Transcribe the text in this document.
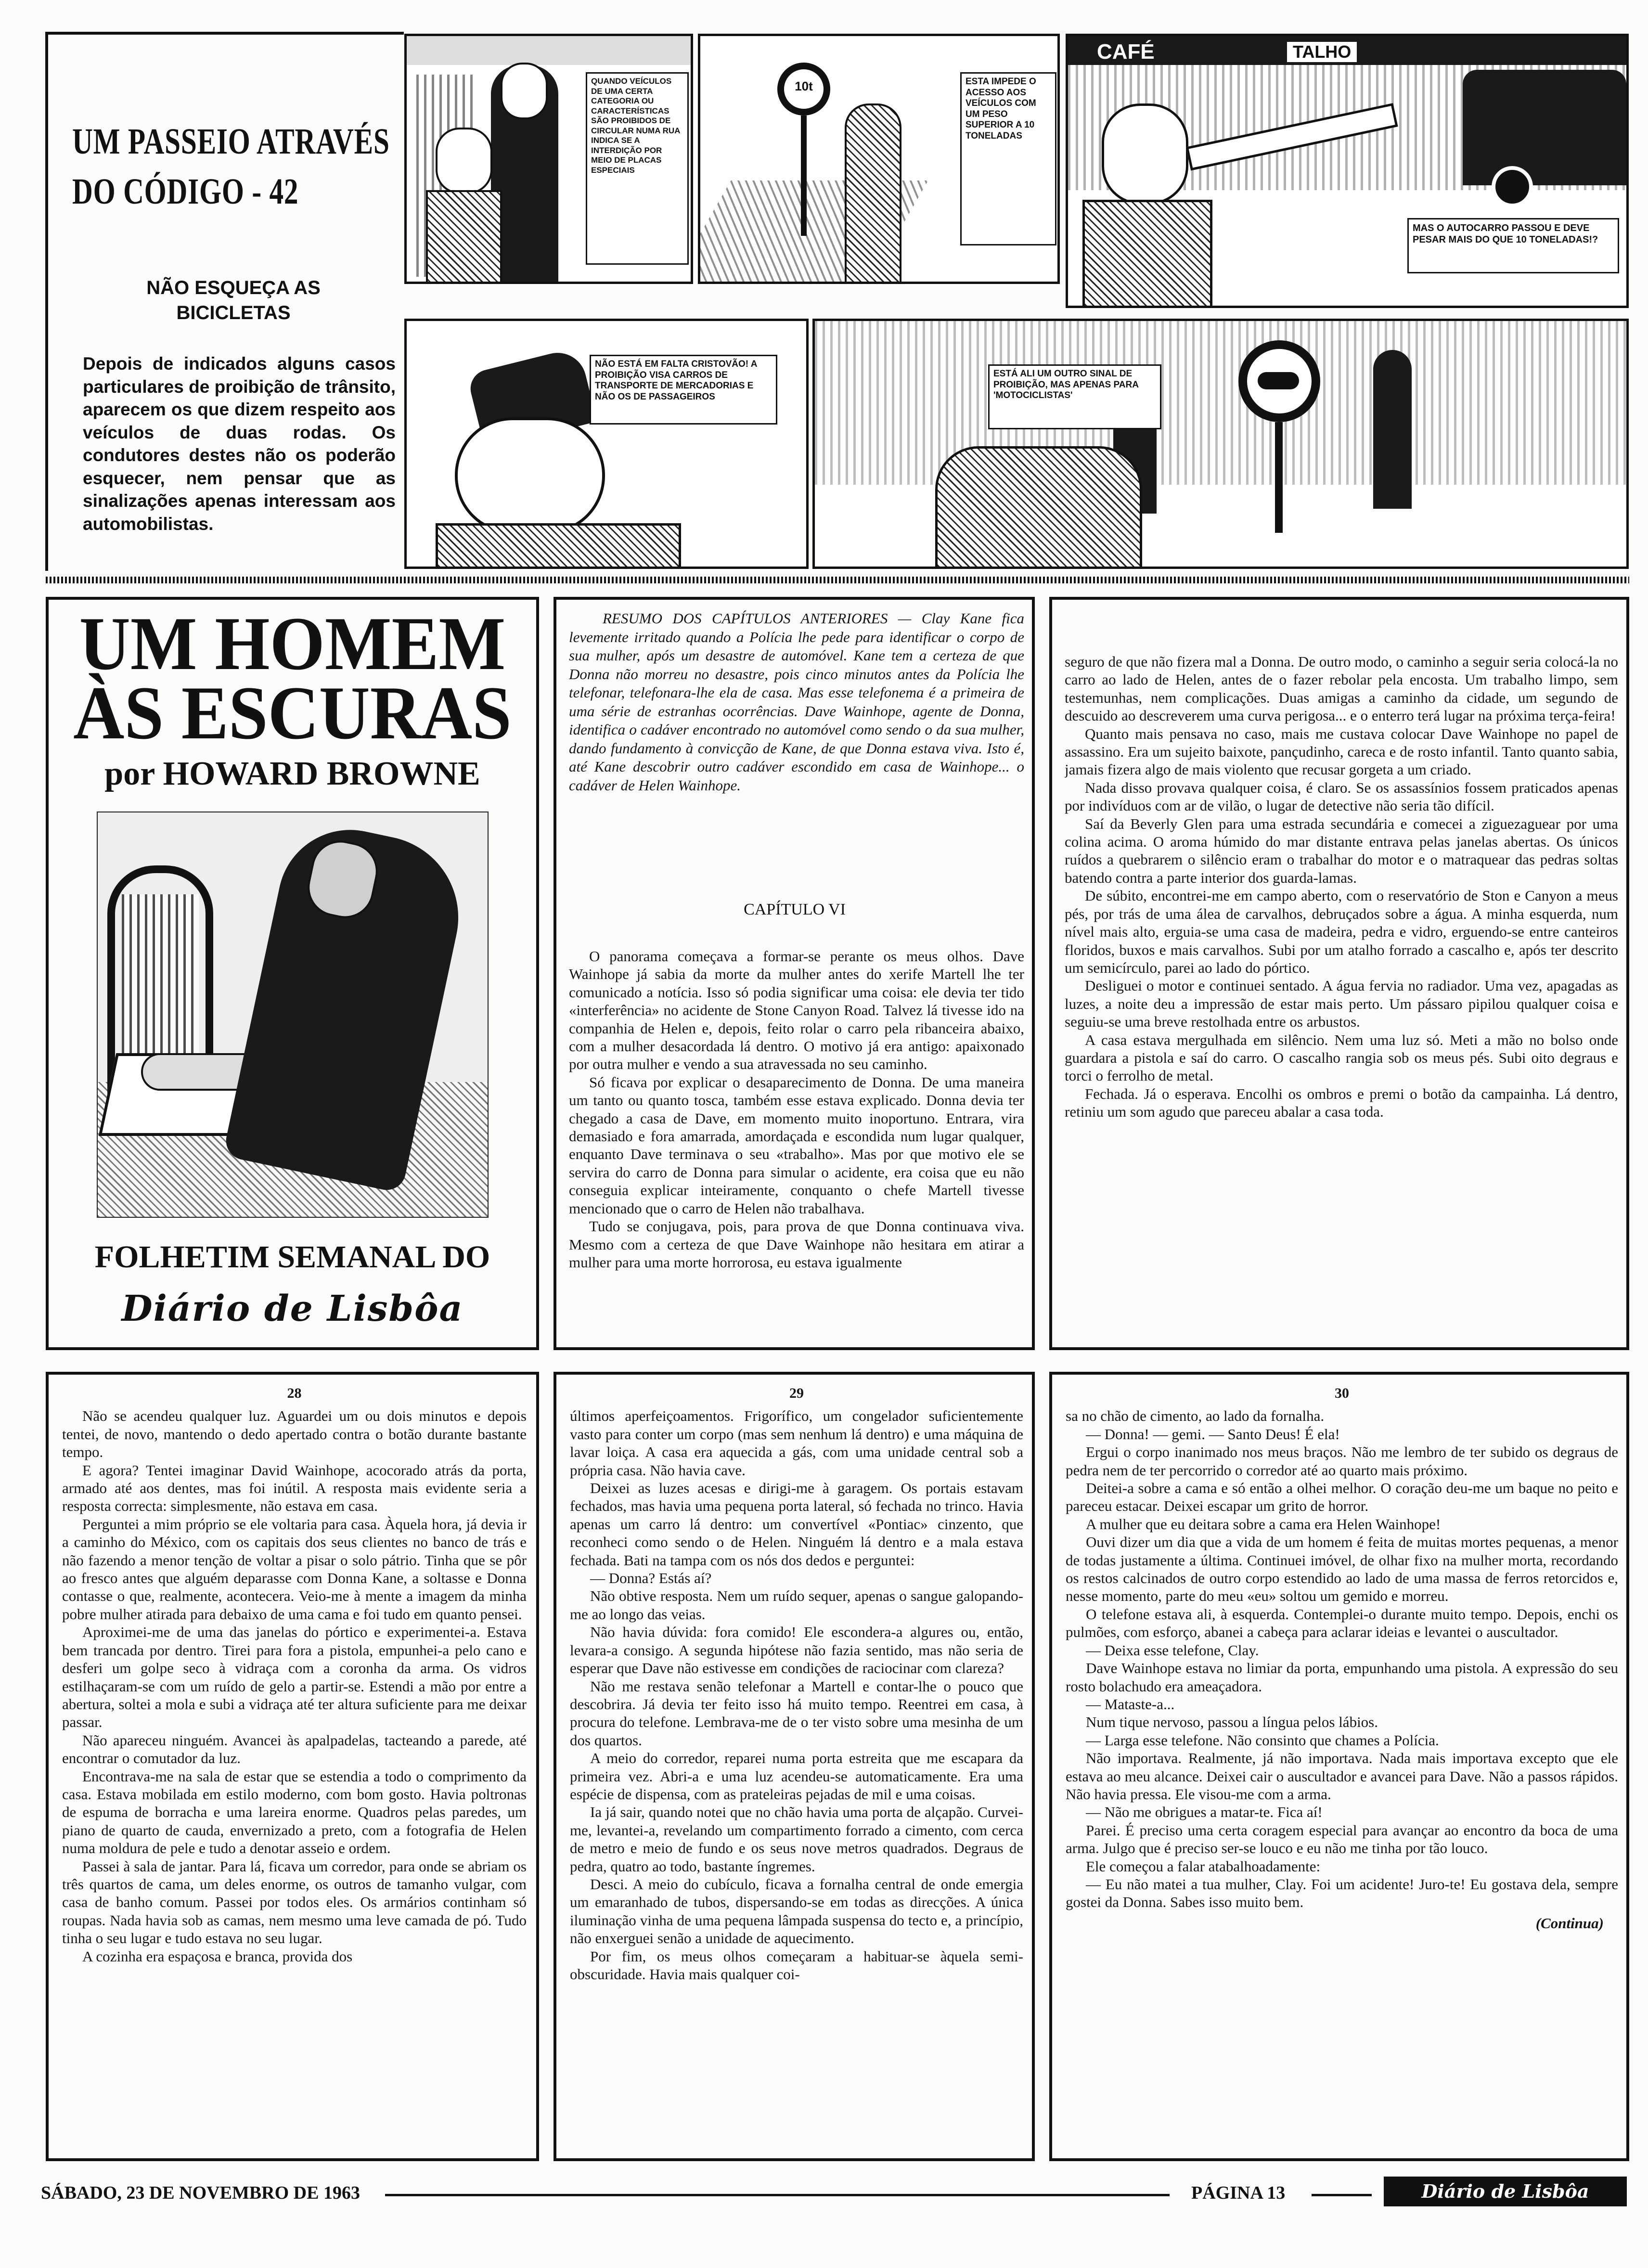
UM PASSEIO ATRAVÉS DO CÓDIGO - 42
NÃO ESQUEÇA AS BICICLETAS
Depois de indicados alguns casos particulares de proibição de trânsito, aparecem os que dizem respeito aos veículos de duas rodas. Os condutores destes não os poderão esquecer, nem pensar que as sinalizações apenas interessam aos automobilistas.
QUANDO VEÍCULOS DE UMA CERTA CATEGORIA OU CARACTERÍSTICAS SÃO PROIBIDOS DE CIRCULAR NUMA RUA INDICA SE A INTERDIÇÃO POR MEIO DE PLACAS ESPECIAIS
10t	ESTA IMPEDE O ACESSO AOS VEÍCULOS COM UM PESO SUPERIOR A 10 TONELADAS
CAFÉ	TALHO
MAS O AUTOCARRO PASSOU E DEVE PESAR MAIS DO QUE 10 TONELADAS!?
NÃO ESTÁ EM FALTA CRISTOVÃO! A PROIBIÇÃO VISA CARROS DE TRANSPORTE DE MERCADORIAS E NÃO OS DE PASSAGEIROS
ESTÁ ALI UM OUTRO SINAL DE PROIBIÇÃO, MAS APENAS PARA 'MOTOCICLISTAS'
UM HOMEM
ÀS ESCURAS
por HOWARD BROWNE
FOLHETIM SEMANAL DO
Diário de Lisbôa
RESUMO DOS CAPÍTULOS ANTERIORES — Clay Kane fica levemente irritado quando a Polícia lhe pede para identificar o corpo de sua mulher, após um desastre de automóvel. Kane tem a certeza de que Donna não morreu no desastre, pois cinco minutos antes da Polícia lhe telefonar, telefonara-lhe ela de casa. Mas esse telefonema é a primeira de uma série de estranhas ocorrências. Dave Wainhope, agente de Donna, identifica o cadáver encontrado no automóvel como sendo o da sua mulher, dando fundamento à convicção de Kane, de que Donna estava viva. Isto é, até Kane descobrir outro cadáver escondido em casa de Wainhope... o cadáver de Helen Wainhope.
CAPÍTULO VI

O panorama começava a formar-se perante os meus olhos. Dave Wainhope já sabia da morte da mulher antes do xerife Martell lhe ter comunicado a notícia. Isso só podia significar uma coisa: ele devia ter tido «interferência» no acidente de Stone Canyon Road. Talvez lá tivesse ido na companhia de Helen e, depois, feito rolar o carro pela ribanceira abaixo, com a mulher desacordada lá dentro. O motivo já era antigo: apaixonado por outra mulher e vendo a sua atravessada no seu caminho.

Só ficava por explicar o desaparecimento de Donna. De uma maneira um tanto ou quanto tosca, também esse estava explicado. Donna devia ter chegado a casa de Dave, em momento muito inoportuno. Entrara, vira demasiado e fora amarrada, amordaçada e escondida num lugar qualquer, enquanto Dave terminava o seu «trabalho». Mas por que motivo ele se servira do carro de Donna para simular o acidente, era coisa que eu não conseguia explicar inteiramente, conquanto o chefe Martell tivesse mencionado que o carro de Helen não trabalhava.

Tudo se conjugava, pois, para prova de que Donna continuava viva. Mesmo com a certeza de que Dave Wainhope não hesitara em atirar a mulher para uma morte horrorosa, eu estava igualmente

seguro de que não fizera mal a Donna. De outro modo, o caminho a seguir seria colocá-la no carro ao lado de Helen, antes de o fazer rebolar pela encosta. Um trabalho limpo, sem testemunhas, nem complicações. Duas amigas a caminho da cidade, um segundo de descuido ao descreverem uma curva perigosa... e o enterro terá lugar na próxima terça-feira!

Quanto mais pensava no caso, mais me custava colocar Dave Wainhope no papel de assassino. Era um sujeito baixote, pançudinho, careca e de rosto infantil. Tanto quanto sabia, jamais fizera algo de mais violento que recusar gorgeta a um criado.

Nada disso provava qualquer coisa, é claro. Se os assassínios fossem praticados apenas por indivíduos com ar de vilão, o lugar de detective não seria tão difícil.

Saí da Beverly Glen para uma estrada secundária e comecei a ziguezaguear por uma colina acima. O aroma húmido do mar distante entrava pelas janelas abertas. Os únicos ruídos a quebrarem o silêncio eram o trabalhar do motor e o matraquear das pedras soltas batendo contra a parte interior dos guarda-lamas.

De súbito, encontrei-me em campo aberto, com o reservatório de Ston e Canyon a meus pés, por trás de uma álea de carvalhos, debruçados sobre a água. A minha esquerda, num nível mais alto, erguia-se uma casa de madeira, pedra e vidro, erguendo-se entre canteiros floridos, buxos e mais carvalhos. Subi por um atalho forrado a cascalho e, após ter descrito um semicírculo, parei ao lado do pórtico.

Desliguei o motor e continuei sentado. A água fervia no radiador. Uma vez, apagadas as luzes, a noite deu a impressão de estar mais perto. Um pássaro pipilou qualquer coisa e seguiu-se uma breve restolhada entre os arbustos.

A casa estava mergulhada em silêncio. Nem uma luz só. Meti a mão no bolso onde guardara a pistola e saí do carro. O cascalho rangia sob os meus pés. Subi oito degraus e torci o ferrolho de metal.

Fechada. Já o esperava. Encolhi os ombros e premi o botão da campainha. Lá dentro, retiniu um som agudo que pareceu abalar a casa toda.

28

Não se acendeu qualquer luz. Aguardei um ou dois minutos e depois tentei, de novo, mantendo o dedo apertado contra o botão durante bastante tempo.

E agora? Tentei imaginar David Wainhope, acocorado atrás da porta, armado até aos dentes, mas foi inútil. A resposta mais evidente seria a resposta correcta: simplesmente, não estava em casa.

Perguntei a mim próprio se ele voltaria para casa. Àquela hora, já devia ir a caminho do México, com os capitais dos seus clientes no banco de trás e não fazendo a menor tenção de voltar a pisar o solo pátrio. Tinha que se pôr ao fresco antes que alguém deparasse com Donna Kane, a soltasse e Donna contasse o que, realmente, acontecera. Veio-me à mente a imagem da minha pobre mulher atirada para debaixo de uma cama e foi tudo em quanto pensei.

Aproximei-me de uma das janelas do pórtico e experimentei-a. Estava bem trancada por dentro. Tirei para fora a pistola, empunhei-a pelo cano e desferi um golpe seco à vidraça com a coronha da arma. Os vidros estilhaçaram-se com um ruído de gelo a partir-se. Estendi a mão por entre a abertura, soltei a mola e subi a vidraça até ter altura suficiente para me deixar passar.

Não apareceu ninguém. Avancei às apalpadelas, tacteando a parede, até encontrar o comutador da luz.

Encontrava-me na sala de estar que se estendia a todo o comprimento da casa. Estava mobilada em estilo moderno, com bom gosto. Havia poltronas de espuma de borracha e uma lareira enorme. Quadros pelas paredes, um piano de quarto de cauda, envernizado a preto, com a fotografia de Helen numa moldura de pele e tudo a denotar asseio e ordem.

Passei à sala de jantar. Para lá, ficava um corredor, para onde se abriam os três quartos de cama, um deles enorme, os outros de tamanho vulgar, com casa de banho comum. Passei por todos eles. Os armários continham só roupas. Nada havia sob as camas, nem mesmo uma leve camada de pó. Tudo tinha o seu lugar e tudo estava no seu lugar.

A cozinha era espaçosa e branca, provida dos

29

últimos aperfeiçoamentos. Frigorífico, um congelador suficientemente vasto para conter um corpo (mas sem nenhum lá dentro) e uma máquina de lavar loiça. A casa era aquecida a gás, com uma unidade central sob a própria casa. Não havia cave.

Deixei as luzes acesas e dirigi-me à garagem. Os portais estavam fechados, mas havia uma pequena porta lateral, só fechada no trinco. Havia apenas um carro lá dentro: um convertível «Pontiac» cinzento, que reconheci como sendo o de Helen. Ninguém lá dentro e a mala estava fechada. Bati na tampa com os nós dos dedos e perguntei:

— Donna? Estás aí?

Não obtive resposta. Nem um ruído sequer, apenas o sangue galopando-me ao longo das veias.

Não havia dúvida: fora comido! Ele escondera-a algures ou, então, levara-a consigo. A segunda hipótese não fazia sentido, mas não seria de esperar que Dave não estivesse em condições de raciocinar com clareza?

Não me restava senão telefonar a Martell e contar-lhe o pouco que descobrira. Já devia ter feito isso há muito tempo. Reentrei em casa, à procura do telefone. Lembrava-me de o ter visto sobre uma mesinha de um dos quartos.

A meio do corredor, reparei numa porta estreita que me escapara da primeira vez. Abri-a e uma luz acendeu-se automaticamente. Era uma espécie de dispensa, com as prateleiras pejadas de mil e uma coisas.

Ia já sair, quando notei que no chão havia uma porta de alçapão. Curvei-me, levantei-a, revelando um compartimento forrado a cimento, com cerca de metro e meio de fundo e os seus nove metros quadrados. Degraus de pedra, quatro ao todo, bastante íngremes.

Desci. A meio do cubículo, ficava a fornalha central de onde emergia um emaranhado de tubos, dispersando-se em todas as direcções. A única iluminação vinha de uma pequena lâmpada suspensa do tecto e, a princípio, não enxerguei senão a unidade de aquecimento.

Por fim, os meus olhos começaram a habituar-se àquela semi-obscuridade. Havia mais qualquer coi-

30

sa no chão de cimento, ao lado da fornalha.

— Donna! — gemi. — Santo Deus! É ela!

Ergui o corpo inanimado nos meus braços. Não me lembro de ter subido os degraus de pedra nem de ter percorrido o corredor até ao quarto mais próximo.

Deitei-a sobre a cama e só então a olhei melhor. O coração deu-me um baque no peito e pareceu estacar. Deixei escapar um grito de horror.

A mulher que eu deitara sobre a cama era Helen Wainhope!

Ouvi dizer um dia que a vida de um homem é feita de muitas mortes pequenas, a menor de todas justamente a última. Continuei imóvel, de olhar fixo na mulher morta, recordando os restos calcinados de outro corpo estendido ao lado de uma massa de ferros retorcidos e, nesse momento, parte do meu «eu» soltou um gemido e morreu.

O telefone estava ali, à esquerda. Contemplei-o durante muito tempo. Depois, enchi os pulmões, com esforço, abanei a cabeça para aclarar ideias e levantei o auscultador.

— Deixa esse telefone, Clay.

Dave Wainhope estava no limiar da porta, empunhando uma pistola. A expressão do seu rosto bolachudo era ameaçadora.

— Mataste-a...

Num tique nervoso, passou a língua pelos lábios.

— Larga esse telefone. Não consinto que chames a Polícia.

Não importava. Realmente, já não importava. Nada mais importava excepto que ele estava ao meu alcance. Deixei cair o auscultador e avancei para Dave. Não a passos rápidos. Não havia pressa. Ele visou-me com a arma.

— Não me obrigues a matar-te. Fica aí!

Parei. É preciso uma certa coragem especial para avançar ao encontro da boca de uma arma. Julgo que é preciso ser-se louco e eu não me tinha por tão louco.

Ele começou a falar atabalhoadamente:

— Eu não matei a tua mulher, Clay. Foi um acidente! Juro-te! Eu gostava dela, sempre gostei da Donna. Sabes isso muito bem.

(Continua)
SÁBADO, 23 DE NOVEMBRO DE 1963	PÁGINA 13	Diário de Lisbôa
